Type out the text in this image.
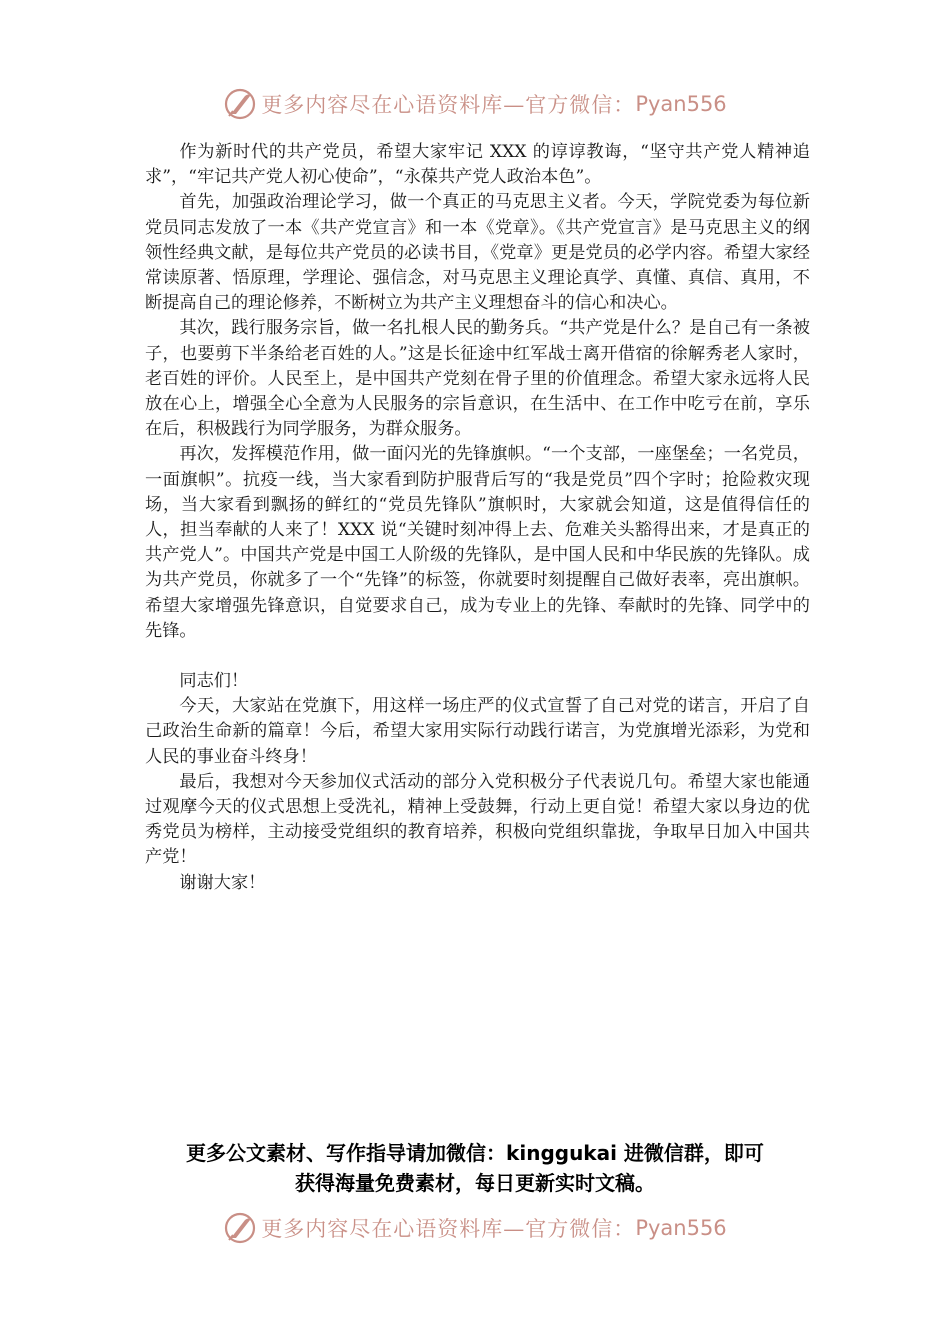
更多内容尽在心语资料库—官方微信： Pyan556

作为新时代的共产党员，希望大家牢记 XXX 的谆谆教诲，“坚守共产党人精神追求”，“牢记共产党人初心使命”，“永葆共产党人政治本色”。

首先，加强政治理论学习，做一个真正的马克思主义者。今天，学院党委为每位新党员同志发放了一本《共产党宣言》和一本《党章》。《共产党宣言》是马克思主义的纲领性经典文献，是每位共产党员的必读书目，《党章》更是党员的必学内容。希望大家经常读原著、悟原理，学理论、强信念，对马克思主义理论真学、真懂、真信、真用，不断提高自己的理论修养，不断树立为共产主义理想奋斗的信心和决心。

其次，践行服务宗旨，做一名扎根人民的勤务兵。“共产党是什么？是自己有一条被子，也要剪下半条给老百姓的人。”这是长征途中红军战士离开借宿的徐解秀老人家时，老百姓的评价。人民至上，是中国共产党刻在骨子里的价值理念。希望大家永远将人民放在心上，增强全心全意为人民服务的宗旨意识，在生活中、在工作中吃亏在前，享乐在后，积极践行为同学服务，为群众服务。

再次，发挥模范作用，做一面闪光的先锋旗帜。“一个支部，一座堡垒；一名党员，一面旗帜”。抗疫一线，当大家看到防护服背后写的“我是党员”四个字时；抢险救灾现场，当大家看到飘扬的鲜红的“党员先锋队”旗帜时，大家就会知道，这是值得信任的人，担当奉献的人来了！XXX 说“关键时刻冲得上去、危难关头豁得出来，才是真正的共产党人”。中国共产党是中国工人阶级的先锋队，是中国人民和中华民族的先锋队。成为共产党员，你就多了一个“先锋”的标签，你就要时刻提醒自己做好表率，亮出旗帜。希望大家增强先锋意识，自觉要求自己，成为专业上的先锋、奉献时的先锋、同学中的先锋。

同志们！

今天，大家站在党旗下，用这样一场庄严的仪式宣誓了自己对党的诺言，开启了自己政治生命新的篇章！今后，希望大家用实际行动践行诺言，为党旗增光添彩，为党和人民的事业奋斗终身！

最后，我想对今天参加仪式活动的部分入党积极分子代表说几句。希望大家也能通过观摩今天的仪式思想上受洗礼，精神上受鼓舞，行动上更自觉！希望大家以身边的优秀党员为榜样，主动接受党组织的教育培养，积极向党组织靠拢，争取早日加入中国共产党！

谢谢大家！

更多公文素材、写作指导请加微信：kinggukai 进微信群，即可
获得海量免费素材，每日更新实时文稿。
更多内容尽在心语资料库—官方微信： Pyan556
